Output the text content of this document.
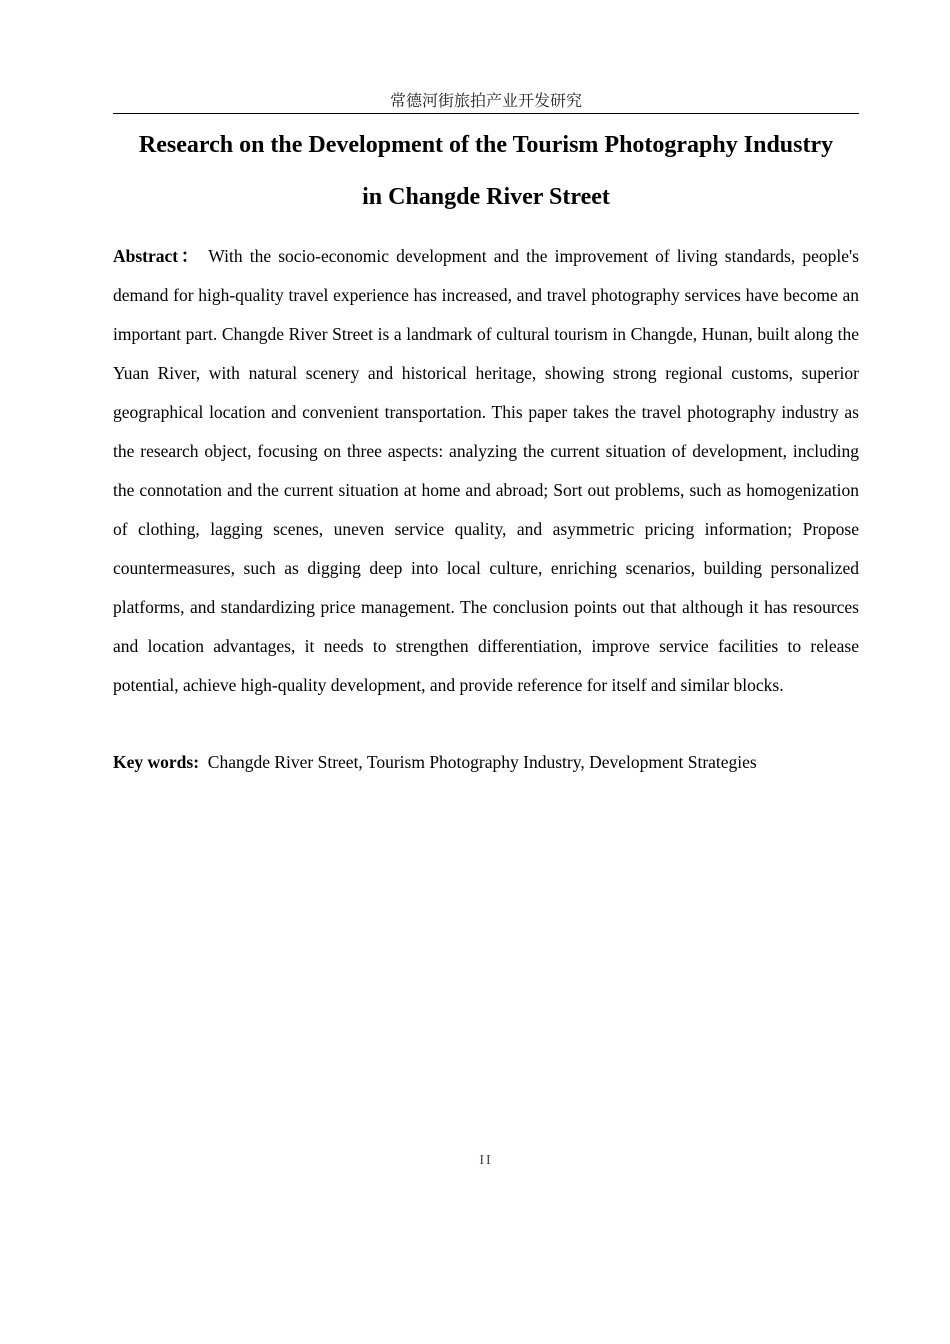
常德河街旅拍产业开发研究
Research on the Development of the Tourism Photography Industry
in Changde River Street

Abstract： With the socio-economic development and the improvement of living standards, people's demand for high-quality travel experience has increased, and travel photography services have become an important part. Changde River Street is a landmark of cultural tourism in Changde, Hunan, built along the Yuan River, with natural scenery and historical heritage, showing strong regional customs, superior geographical location and convenient transportation. This paper takes the travel photography industry as the research object, focusing on three aspects: analyzing the current situation of development, including the connotation and the current situation at home and abroad; Sort out problems, such as homogenization of clothing, lagging scenes, uneven service quality, and asymmetric pricing information; Propose countermeasures, such as digging deep into local culture, enriching scenarios, building personalized platforms, and standardizing price management. The conclusion points out that although it has resources and location advantages, it needs to strengthen differentiation, improve service facilities to release potential, achieve high-quality development, and provide reference for itself and similar blocks.

Key words: Changde River Street, Tourism Photography Industry, Development Strategies

II
